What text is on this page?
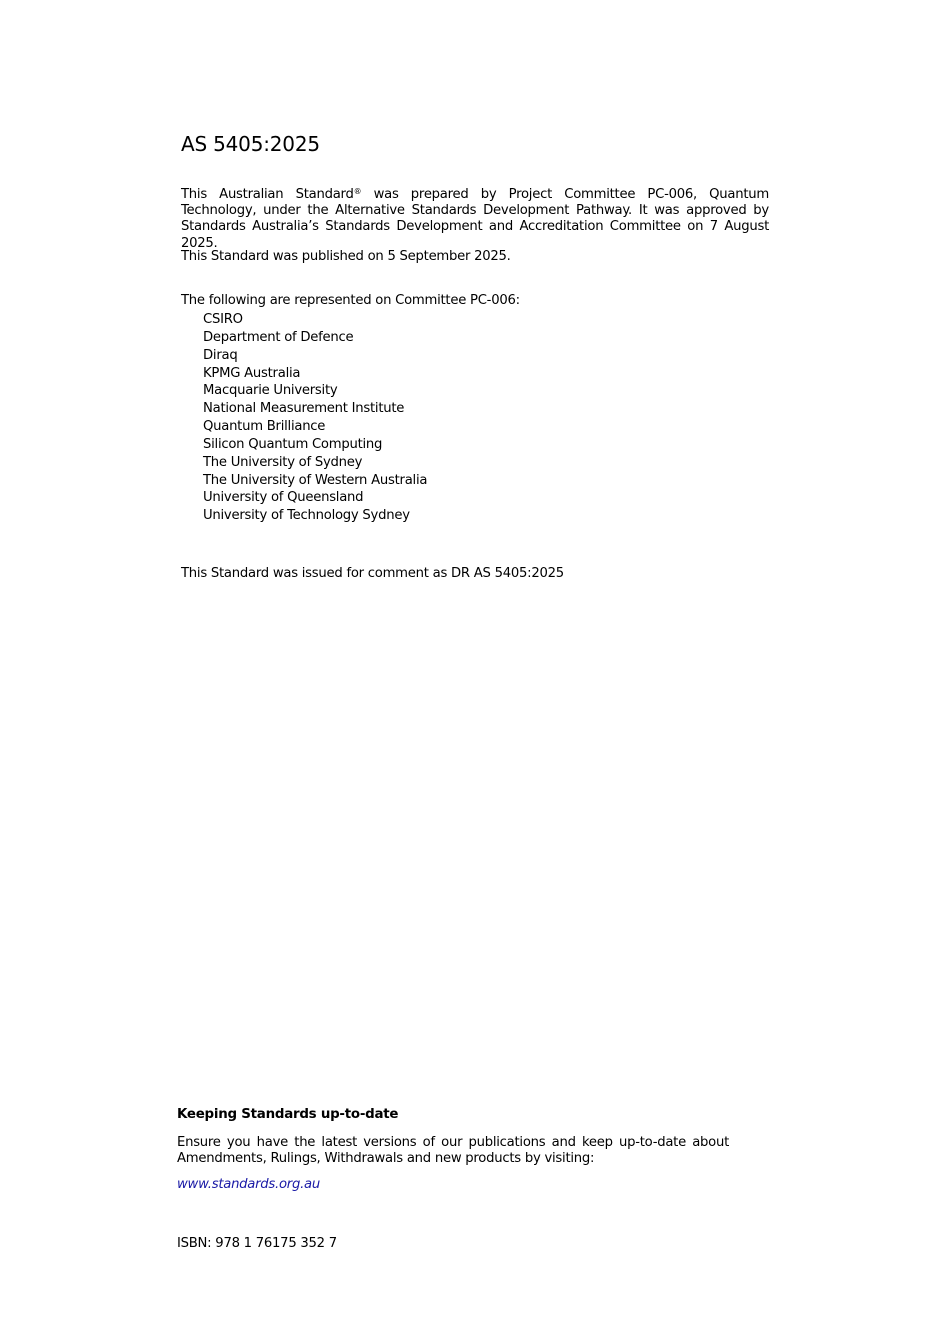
AS 5405:2025

This Australian Standard® was prepared by Project Committee PC-006, Quantum Technology, under the Alternative Standards Development Pathway. It was approved by Standards Australia’s Standards Development and Accreditation Committee on 7 August 2025.

This Standard was published on 5 September 2025.

The following are represented on Committee PC-006:

CSIRO
Department of Defence
Diraq
KPMG Australia
Macquarie University
National Measurement Institute
Quantum Brilliance
Silicon Quantum Computing
The University of Sydney
The University of Western Australia
University of Queensland
University of Technology Sydney

This Standard was issued for comment as DR AS 5405:2025

Keeping Standards up-to-date

Ensure you have the latest versions of our publications and keep up-to-date about Amendments, Rulings, Withdrawals and new products by visiting:

www.standards.org.au

ISBN: 978 1 76175 352 7
